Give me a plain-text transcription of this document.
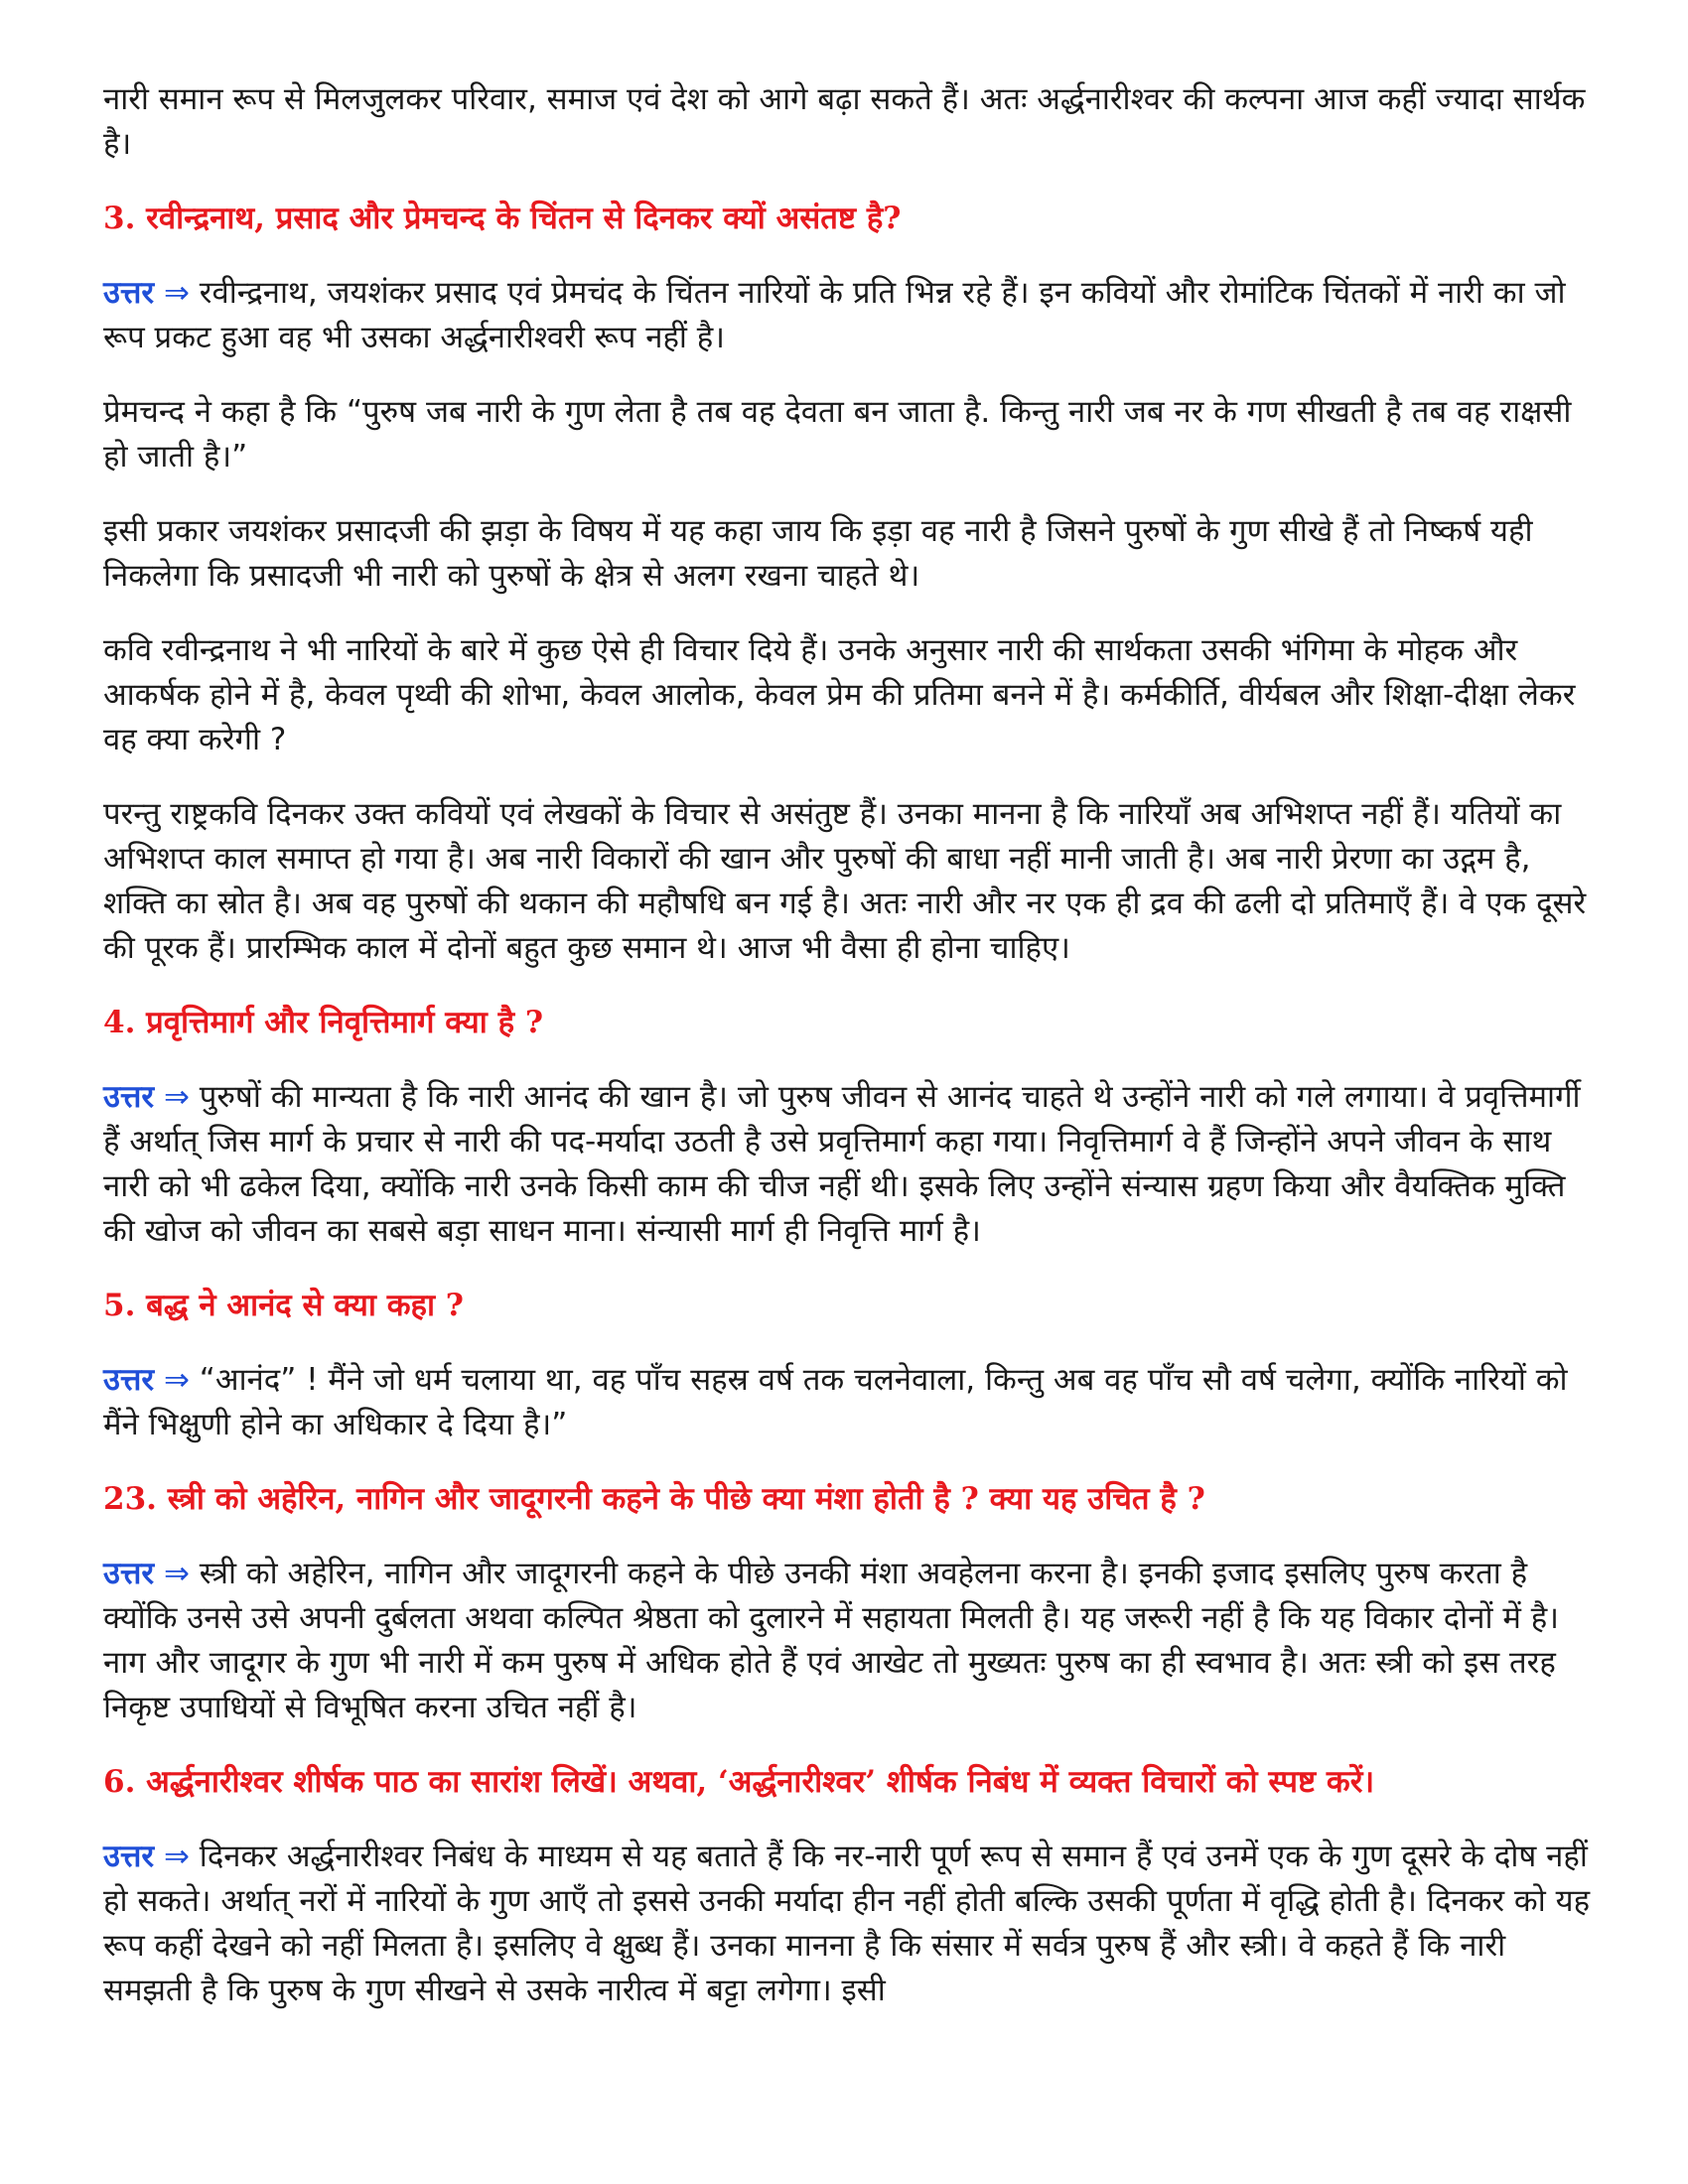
नारी समान रूप से मिलजुलकर परिवार, समाज एवं देश को आगे बढ़ा सकते हैं। अतः अर्द्धनारीश्वर की कल्पना आज कहीं ज्यादा सार्थक है।

3. रवीन्द्रनाथ, प्रसाद और प्रेमचन्द के चिंतन से दिनकर क्यों असंतष्ट है?

उत्तर ⇒ रवीन्द्रनाथ, जयशंकर प्रसाद एवं प्रेमचंद के चिंतन नारियों के प्रति भिन्न रहे हैं। इन कवियों और रोमांटिक चिंतकों में नारी का जो रूप प्रकट हुआ वह भी उसका अर्द्धनारीश्वरी रूप नहीं है।

प्रेमचन्द ने कहा है कि “पुरुष जब नारी के गुण लेता है तब वह देवता बन जाता है. किन्तु नारी जब नर के गण सीखती है तब वह राक्षसी हो जाती है।”

इसी प्रकार जयशंकर प्रसादजी की झड़ा के विषय में यह कहा जाय कि इड़ा वह नारी है जिसने पुरुषों के गुण सीखे हैं तो निष्कर्ष यही निकलेगा कि प्रसादजी भी नारी को पुरुषों के क्षेत्र से अलग रखना चाहते थे।

कवि रवीन्द्रनाथ ने भी नारियों के बारे में कुछ ऐसे ही विचार दिये हैं। उनके अनुसार नारी की सार्थकता उसकी भंगिमा के मोहक और आकर्षक होने में है, केवल पृथ्वी की शोभा, केवल आलोक, केवल प्रेम की प्रतिमा बनने में है। कर्मकीर्ति, वीर्यबल और शिक्षा-दीक्षा लेकर वह क्या करेगी ?

परन्तु राष्ट्रकवि दिनकर उक्त कवियों एवं लेखकों के विचार से असंतुष्ट हैं। उनका मानना है कि नारियाँ अब अभिशप्त नहीं हैं। यतियों का अभिशप्त काल समाप्त हो गया है। अब नारी विकारों की खान और पुरुषों की बाधा नहीं मानी जाती है। अब नारी प्रेरणा का उद्गम है, शक्ति का स्रोत है। अब वह पुरुषों की थकान की महौषधि बन गई है। अतः नारी और नर एक ही द्रव की ढली दो प्रतिमाएँ हैं। वे एक दूसरे की पूरक हैं। प्रारम्भिक काल में दोनों बहुत कुछ समान थे। आज भी वैसा ही होना चाहिए।

4. प्रवृत्तिमार्ग और निवृत्तिमार्ग क्या है ?

उत्तर ⇒ पुरुषों की मान्यता है कि नारी आनंद की खान है। जो पुरुष जीवन से आनंद चाहते थे उन्होंने नारी को गले लगाया। वे प्रवृत्तिमार्गी हैं अर्थात् जिस मार्ग के प्रचार से नारी की पद-मर्यादा उठती है उसे प्रवृत्तिमार्ग कहा गया। निवृत्तिमार्ग वे हैं जिन्होंने अपने जीवन के साथ नारी को भी ढकेल दिया, क्योंकि नारी उनके किसी काम की चीज नहीं थी। इसके लिए उन्होंने संन्यास ग्रहण किया और वैयक्तिक मुक्ति की खोज को जीवन का सबसे बड़ा साधन माना। संन्यासी मार्ग ही निवृत्ति मार्ग है।

5. बद्ध ने आनंद से क्या कहा ?

उत्तर ⇒ “आनंद” ! मैंने जो धर्म चलाया था, वह पाँच सहस्र वर्ष तक चलनेवाला, किन्तु अब वह पाँच सौ वर्ष चलेगा, क्योंकि नारियों को मैंने भिक्षुणी होने का अधिकार दे दिया है।”

23. स्त्री को अहेरिन, नागिन और जादूगरनी कहने के पीछे क्या मंशा होती है ? क्या यह उचित है ?

उत्तर ⇒ स्त्री को अहेरिन, नागिन और जादूगरनी कहने के पीछे उनकी मंशा अवहेलना करना है। इनकी इजाद इसलिए पुरुष करता है क्योंकि उनसे उसे अपनी दुर्बलता अथवा कल्पित श्रेष्ठता को दुलारने में सहायता मिलती है। यह जरूरी नहीं है कि यह विकार दोनों में है। नाग और जादूगर के गुण भी नारी में कम पुरुष में अधिक होते हैं एवं आखेट तो मुख्यतः पुरुष का ही स्वभाव है। अतः स्त्री को इस तरह निकृष्ट उपाधियों से विभूषित करना उचित नहीं है।

6. अर्द्धनारीश्वर शीर्षक पाठ का सारांश लिखें। अथवा, ‘अर्द्धनारीश्वर’ शीर्षक निबंध में व्यक्त विचारों को स्पष्ट करें।

उत्तर ⇒ दिनकर अर्द्धनारीश्वर निबंध के माध्यम से यह बताते हैं कि नर-नारी पूर्ण रूप से समान हैं एवं उनमें एक के गुण दूसरे के दोष नहीं हो सकते। अर्थात् नरों में नारियों के गुण आएँ तो इससे उनकी मर्यादा हीन नहीं होती बल्कि उसकी पूर्णता में वृद्धि होती है। दिनकर को यह रूप कहीं देखने को नहीं मिलता है। इसलिए वे क्षुब्ध हैं। उनका मानना है कि संसार में सर्वत्र पुरुष हैं और स्त्री। वे कहते हैं कि नारी समझती है कि पुरुष के गुण सीखने से उसके नारीत्व में बट्टा लगेगा। इसी
